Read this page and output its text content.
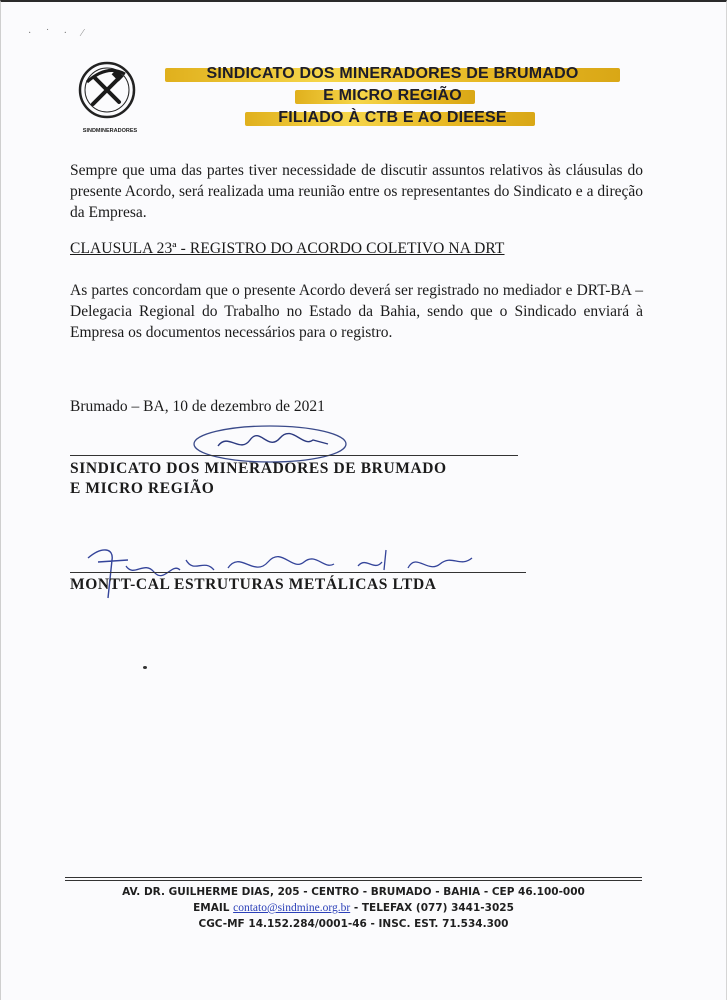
· ˙ · ⁄
SINDMINERADORES
SINDICATO DOS MINERADORES DE BRUMADO
E MICRO REGIÃO
FILIADO À CTB E AO DIEESE
Sempre que uma das partes tiver necessidade de discutir assuntos relativos às cláusulas do presente Acordo, será realizada uma reunião entre os representantes do Sindicato e a direção da Empresa.
CLAUSULA 23ª - REGISTRO DO ACORDO COLETIVO NA DRT
As partes concordam que o presente Acordo deverá ser registrado no mediador e DRT-BA – Delegacia Regional do Trabalho no Estado da Bahia, sendo que o Sindicado enviará à Empresa os documentos necessários para o registro.
Brumado – BA, 10 de dezembro de 2021
SINDICATO DOS MINERADORES DE BRUMADO
E MICRO REGIÃO
MONTT-CAL ESTRUTURAS METÁLICAS LTDA
AV. DR. GUILHERME DIAS, 205 - CENTRO - BRUMADO - BAHIA - CEP 46.100-000
EMAIL contato@sindmine.org.br - TELEFAX (077) 3441-3025
CGC-MF 14.152.284/0001-46 - INSC. EST. 71.534.300
